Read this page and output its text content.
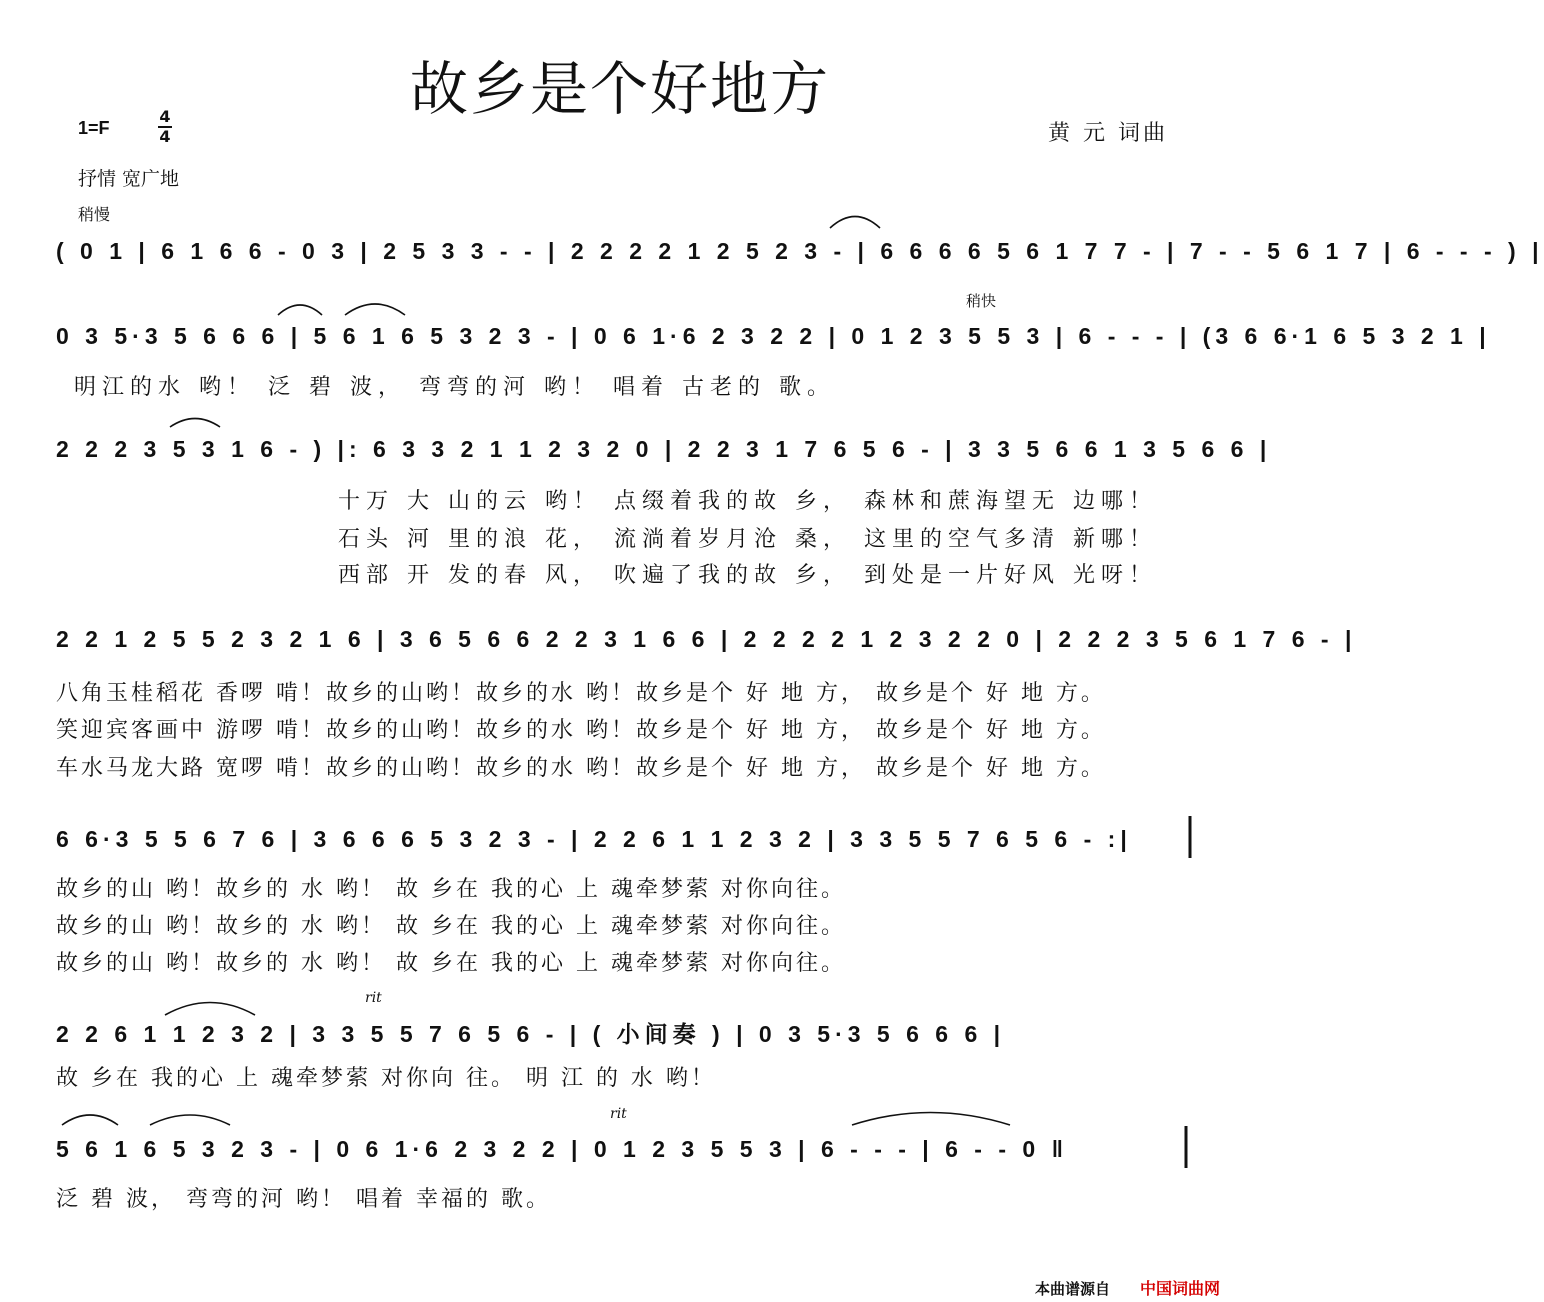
故乡是个好地方
1=F
4
4	黄 元 词曲
抒情 宽广地
稍慢
( 0 1 | 6 1 6 6 - 0 3 | 2 5 3 3 - - | 2 2 2 2 1 2 5 2 3 - | 6 6 6 6 5 6 1 7 7 - | 7 - - 5 6 1 7 | 6 - - - ) |
稍快
0 3 5·3 5 6 6 6 | 5 6 1 6 5 3 2 3 - | 0 6 1·6 2 3 2 2 | 0 1 2 3 5 5 3 | 6 - - - | (3 6 6·1 6 5 3 2 1 |
明江的水 哟！ 泛 碧 波， 弯弯的河 哟！ 唱着 古老的 歌。
2 2 2 3 5 3 1 6 - ) |: 6 3 3 2 1 1 2 3 2 0 | 2 2 3 1 7 6 5 6 - | 3 3 5 6 6 1 3 5 6 6 |
十万 大 山的云 哟！ 点缀着我的故 乡， 森林和蔗海望无 边哪！
石头 河 里的浪 花， 流淌着岁月沧 桑， 这里的空气多清 新哪！
西部 开 发的春 风， 吹遍了我的故 乡， 到处是一片好风 光呀！
2 2 1 2 5 5 2 3 2 1 6 | 3 6 5 6 6 2 2 3 1 6 6 | 2 2 2 2 1 2 3 2 2 0 | 2 2 2 3 5 6 1 7 6 - |
八角玉桂稻花 香啰 啃！故乡的山哟！故乡的水 哟！故乡是个 好 地 方， 故乡是个 好 地 方。
笑迎宾客画中 游啰 啃！故乡的山哟！故乡的水 哟！故乡是个 好 地 方， 故乡是个 好 地 方。
车水马龙大路 宽啰 啃！故乡的山哟！故乡的水 哟！故乡是个 好 地 方， 故乡是个 好 地 方。
6 6·3 5 5 6 7 6 | 3 6 6 6 5 3 2 3 - | 2 2 6 1 1 2 3 2 | 3 3 5 5 7 6 5 6 - :|
故乡的山 哟！故乡的 水 哟！ 故 乡在 我的心 上 魂牵梦萦 对你向往。
故乡的山 哟！故乡的 水 哟！ 故 乡在 我的心 上 魂牵梦萦 对你向往。
故乡的山 哟！故乡的 水 哟！ 故 乡在 我的心 上 魂牵梦萦 对你向往。
rit
2 2 6 1 1 2 3 2 | 3 3 5 5 7 6 5 6 - | ( 小间奏 ) | 0 3 5·3 5 6 6 6 |
故 乡在 我的心 上 魂牵梦萦 对你向 往。 明 江 的 水 哟！
rit
5 6 1 6 5 3 2 3 - | 0 6 1·6 2 3 2 2 | 0 1 2 3 5 5 3 | 6 - - - | 6 - - 0 ‖
泛 碧 波， 弯弯的河 哟！ 唱着 幸福的 歌。
本曲谱源自 中国词曲网
